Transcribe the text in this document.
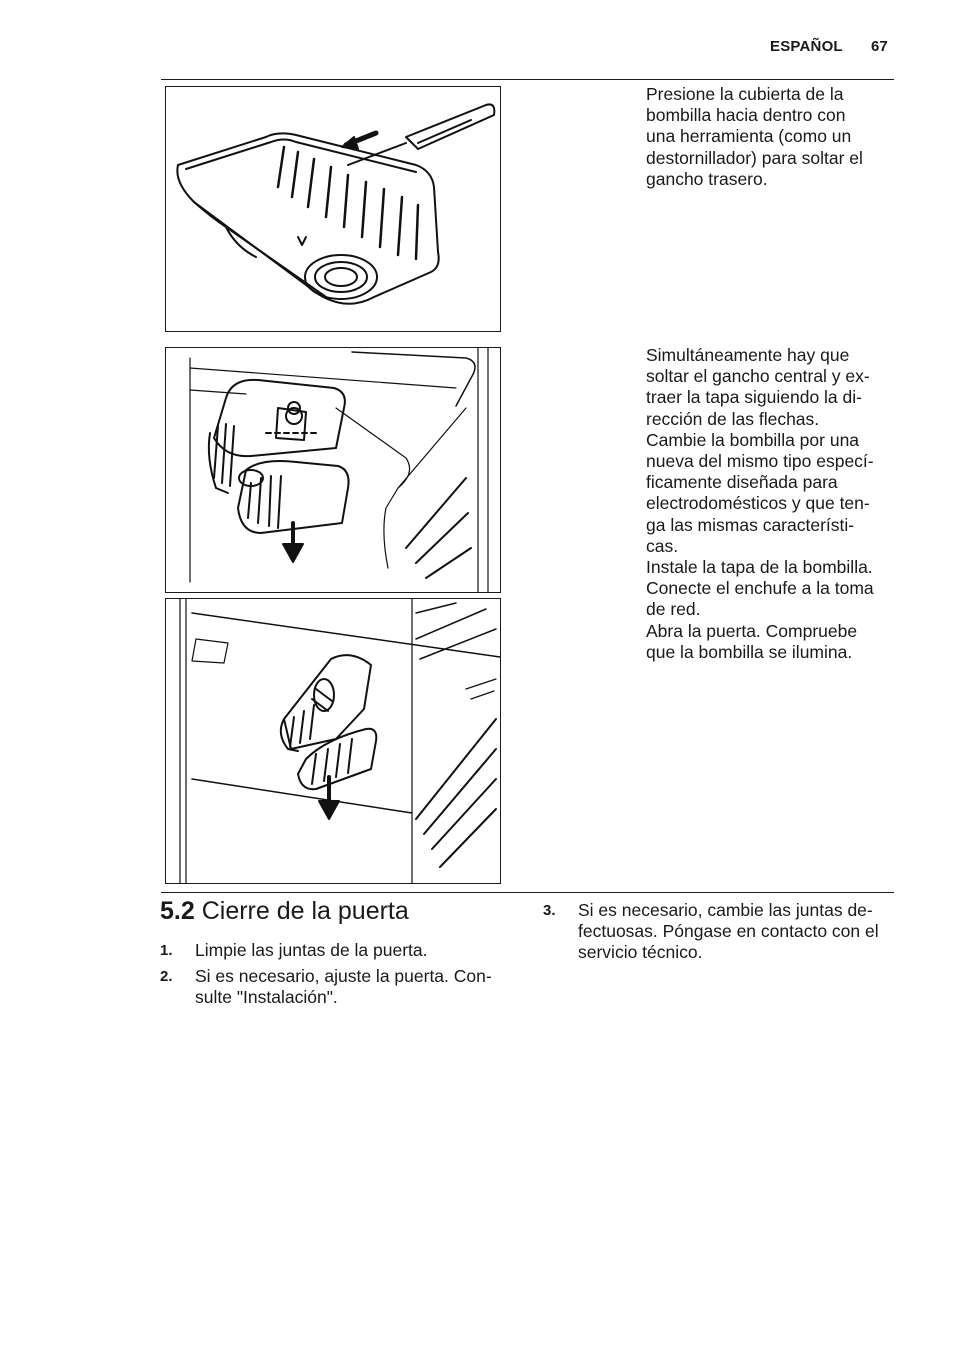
ESPAÑOL 67

Presione la cubierta de la

bombilla hacia dentro con

una herramienta (como un

destornillador) para soltar el

gancho trasero.

Simultáneamente hay que

soltar el gancho central y ex-

traer la tapa siguiendo la di-

rección de las flechas.

Cambie la bombilla por una

nueva del mismo tipo especí-

ficamente diseñada para

electrodomésticos y que ten-

ga las mismas característi-

cas.

Instale la tapa de la bombilla.

Conecte el enchufe a la toma

de red.

Abra la puerta. Compruebe

que la bombilla se ilumina.

5.2 Cierre de la puerta
1. Limpie las juntas de la puerta.

2. Si es necesario, ajuste la puerta. Con-

sulte "Instalación".

3. Si es necesario, cambie las juntas de-

fectuosas. Póngase en contacto con el

servicio técnico.
